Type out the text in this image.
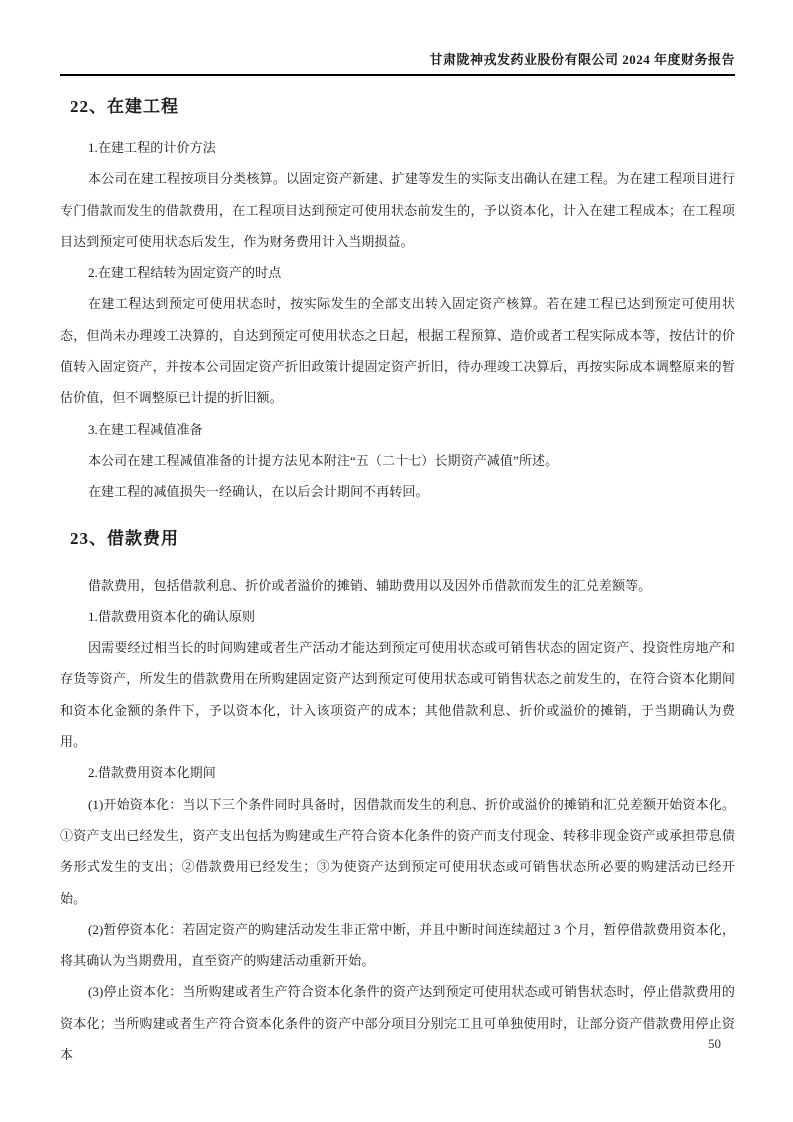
甘肃陇神戎发药业股份有限公司 2024 年度财务报告
22、在建工程

1.在建工程的计价方法

本公司在建工程按项目分类核算。以固定资产新建、扩建等发生的实际支出确认在建工程。为在建工程项目进行专门借款而发生的借款费用，在工程项目达到预定可使用状态前发生的，予以资本化，计入在建工程成本；在工程项目达到预定可使用状态后发生，作为财务费用计入当期损益。

2.在建工程结转为固定资产的时点

在建工程达到预定可使用状态时，按实际发生的全部支出转入固定资产核算。若在建工程已达到预定可使用状态，但尚未办理竣工决算的，自达到预定可使用状态之日起，根据工程预算、造价或者工程实际成本等，按估计的价值转入固定资产，并按本公司固定资产折旧政策计提固定资产折旧，待办理竣工决算后，再按实际成本调整原来的暂估价值，但不调整原已计提的折旧额。

3.在建工程减值准备

本公司在建工程减值准备的计提方法见本附注“五（二十七）长期资产减值”所述。

在建工程的减值损失一经确认，在以后会计期间不再转回。

23、借款费用

借款费用，包括借款利息、折价或者溢价的摊销、辅助费用以及因外币借款而发生的汇兑差额等。

1.借款费用资本化的确认原则

因需要经过相当长的时间购建或者生产活动才能达到预定可使用状态或可销售状态的固定资产、投资性房地产和存货等资产，所发生的借款费用在所购建固定资产达到预定可使用状态或可销售状态之前发生的，在符合资本化期间和资本化金额的条件下，予以资本化，计入该项资产的成本；其他借款利息、折价或溢价的摊销，于当期确认为费用。

2.借款费用资本化期间

(1)开始资本化：当以下三个条件同时具备时，因借款而发生的利息、折价或溢价的摊销和汇兑差额开始资本化。①资产支出已经发生，资产支出包括为购建或生产符合资本化条件的资产而支付现金、转移非现金资产或承担带息债务形式发生的支出；②借款费用已经发生；③为使资产达到预定可使用状态或可销售状态所必要的购建活动已经开始。

(2)暂停资本化：若固定资产的购建活动发生非正常中断，并且中断时间连续超过 3 个月，暂停借款费用资本化，将其确认为当期费用，直至资产的购建活动重新开始。

(3)停止资本化：当所购建或者生产符合资本化条件的资产达到预定可使用状态或可销售状态时，停止借款费用的资本化；当所购建或者生产符合资本化条件的资产中部分项目分别完工且可单独使用时，让部分资产借款费用停止资本

50
